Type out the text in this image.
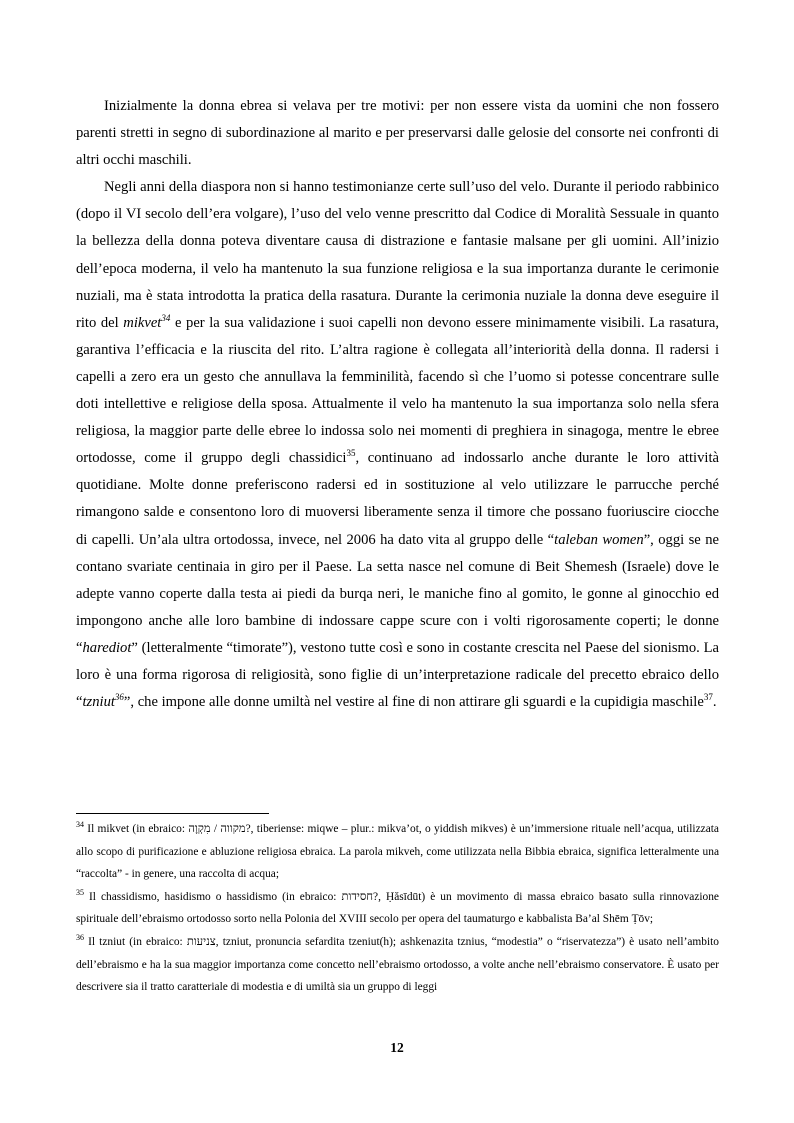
Inizialmente la donna ebrea si velava per tre motivi: per non essere vista da uomini che non fossero parenti stretti in segno di subordinazione al marito e per preservarsi dalle gelosie del consorte nei confronti di altri occhi maschili.

Negli anni della diaspora non si hanno testimonianze certe sull’uso del velo. Durante il periodo rabbinico (dopo il VI secolo dell’era volgare), l’uso del velo venne prescritto dal Codice di Moralità Sessuale in quanto la bellezza della donna poteva diventare causa di distrazione e fantasie malsane per gli uomini. All’inizio dell’epoca moderna, il velo ha mantenuto la sua funzione religiosa e la sua importanza durante le cerimonie nuziali, ma è stata introdotta la pratica della rasatura. Durante la cerimonia nuziale la donna deve eseguire il rito del mikvet$^{34}$ e per la sua validazione i suoi capelli non devono essere minimamente visibili. La rasatura, garantiva l’efficacia e la riuscita del rito. L’altra ragione è collegata all’interiorità della donna. Il radersi i capelli a zero era un gesto che annullava la femminilità, facendo sì che l’uomo si potesse concentrare sulle doti intellettive e religiose della sposa. Attualmente il velo ha mantenuto la sua importanza solo nella sfera religiosa, la maggior parte delle ebree lo indossa solo nei momenti di preghiera in sinagoga, mentre le ebree ortodosse, come il gruppo degli chassidici$^{35}$, continuano ad indossarlo anche durante le loro attività quotidiane. Molte donne preferiscono radersi ed in sostituzione al velo utilizzare le parrucche perché rimangono salde e consentono loro di muoversi liberamente senza il timore che possano fuoriuscire ciocche di capelli. Un’ala ultra ortodossa, invece, nel 2006 ha dato vita al gruppo delle “taleban women”, oggi se ne contano svariate centinaia in giro per il Paese. La setta nasce nel comune di Beit Shemesh (Israele) dove le adepte vanno coperte dalla testa ai piedi da burqa neri, le maniche fino al gomito, le gonne al ginocchio ed impongono anche alle loro bambine di indossare cappe scure con i volti rigorosamente coperti; le donne “harediot” (letteralmente “timorate”), vestono tutte così e sono in costante crescita nel Paese del sionismo. La loro è una forma rigorosa di religiosità, sono figlie di un’interpretazione radicale del precetto ebraico dello “tzniut$^{36}$”, che impone alle donne umiltà nel vestire al fine di non attirare gli sguardi e la cupidigia maschile$^{37}$.

$^{34}$ Il mikvet (in ebraico: מקווה / מִקְוָה?, tiberiense: miqwe – plur.: mikva’ot, o yiddish mikves) è un’immersione rituale nell’acqua, utilizzata allo scopo di purificazione e abluzione religiosa ebraica. La parola mikveh, come utilizzata nella Bibbia ebraica, significa letteralmente una “raccolta” - in genere, una raccolta di acqua;

$^{35}$ Il chassidismo, hasidismo o hassidismo (in ebraico: חסידות?, Ḥăsīdūt) è un movimento di massa ebraico basato sulla rinnovazione spirituale dell’ebraismo ortodosso sorto nella Polonia del XVIII secolo per opera del taumaturgo e kabbalista Ba’al Shēm Ṭōv;

$^{36}$ Il tzniut (in ebraico: צניעות, tzniut, pronuncia sefardita tzeniut(h); ashkenazita tznius, “modestia” o “riservatezza”) è usato nell’ambito dell’ebraismo e ha la sua maggior importanza come concetto nell’ebraismo ortodosso, a volte anche nell’ebraismo conservatore. È usato per descrivere sia il tratto caratteriale di modestia e di umiltà sia un gruppo di leggi

12
